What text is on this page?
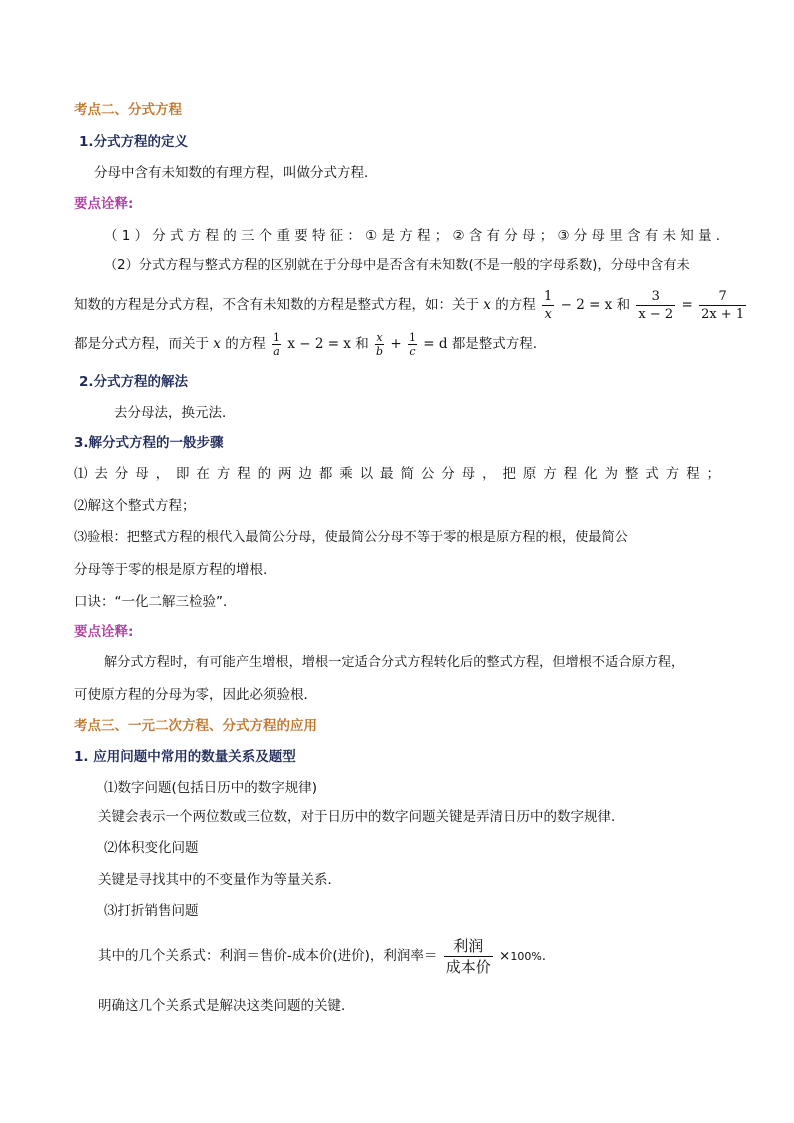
考点二、分式方程
1.分式方程的定义
分母中含有未知数的有理方程，叫做分式方程．
要点诠释:
（1）分式方程的三个重要特征：①是方程；②含有分母；③分母里含有未知量.
（2）分式方程与整式方程的区别就在于分母中是否含有未知数(不是一般的字母系数)，分母中含有未
知数的方程是分式方程，不含有未知数的方程是整式方程，如：关于 x 的方程 $\frac{1}{x} - 2 = x$ 和 $\frac{3}{x - 2} = \frac{7}{2x + 1}$
都是分式方程，而关于 x 的方程 $\frac{1}{a}$ x − 2 = x 和 $\frac{x}{b} + \frac{1}{c} = d$ 都是整式方程.
2.分式方程的解法
去分母法，换元法．
3.解分式方程的一般步骤
⑴去分母，即在方程的两边都乘以最简公分母，把原方程化为整式方程；
⑵解这个整式方程；
⑶验根：把整式方程的根代入最简公分母，使最简公分母不等于零的根是原方程的根，使最简公
分母等于零的根是原方程的增根.
口诀：“一化二解三检验”．
要点诠释:
解分式方程时，有可能产生增根，增根一定适合分式方程转化后的整式方程，但增根不适合原方程，
可使原方程的分母为零，因此必须验根．
考点三、一元二次方程、分式方程的应用
1. 应用问题中常用的数量关系及题型
⑴数字问题(包括日历中的数字规律)
关键会表示一个两位数或三位数，对于日历中的数字问题关键是弄清日历中的数字规律．
⑵体积变化问题
关键是寻找其中的不变量作为等量关系．
⑶打折销售问题
其中的几个关系式：利润＝售价-成本价(进价)，利润率＝ $\frac{\text{利润}}{\text{成本价}} \times 100\%$.
明确这几个关系式是解决这类问题的关键．
